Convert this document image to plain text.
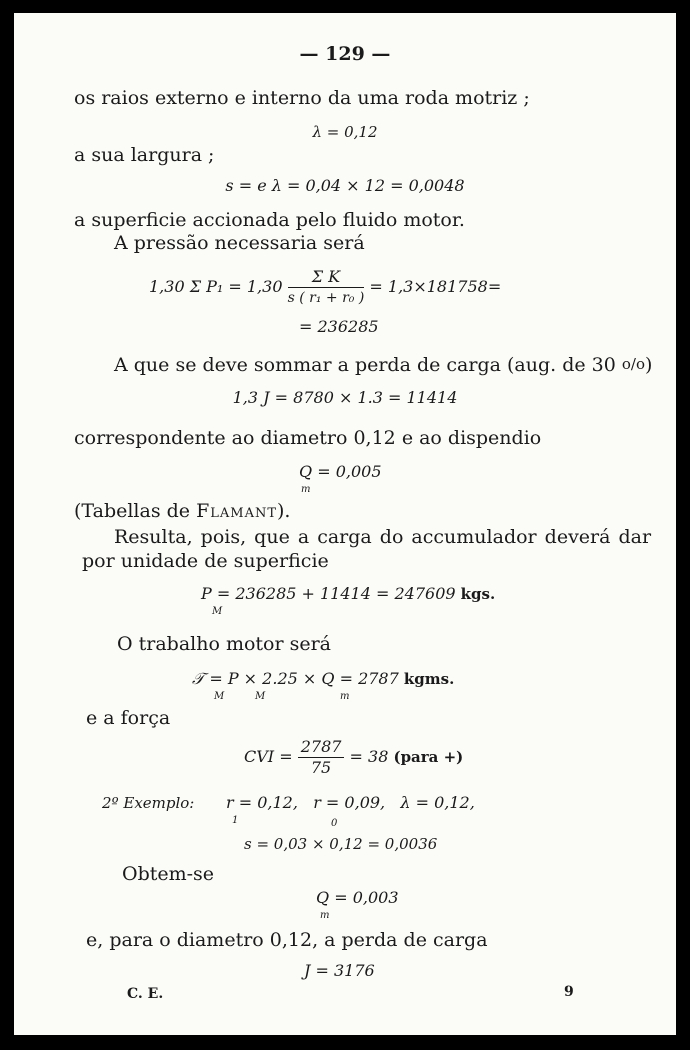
— 129 —
os raios externo e interno da uma roda motriz ;
λ = 0,12
a sua largura ;
s = e λ = 0,04 × 12 = 0,0048
a superficie accionada pelo fluido motor.
A pressão necessaria será
1,30 Σ $P_1 = 1,30 \frac{\text{Σ K}}{\text{s ( r₁ + r₀ )}} = 1,3\times 181758=$
= 236285
A que se deve sommar a perda de carga (aug. de 30 o/o)
1,3 J = 8780 × 1.3 = 11414
correspondente ao diametro 0,12 e ao dispendio
Q = 0,005
m
(Tabellas de Flamant).
Resulta, pois, que a carga do accumulador deverá dar
por unidade de superficie
P = 236285 + 11414 = 247609 kgs.
M
O trabalho motor será
𝒯 = P × 2.25 × Q = 2787 kgms.
M	M	m
e a força
CVI = $\frac{2787}{75} = 38$ (para +)
2º Exemplo: r = 0,12,   r = 0,09,   λ = 0,12,
1	0
s = 0,03 × 0,12 = 0,0036
Obtem-se
Q = 0,003
m
e, para o diametro 0,12, a perda de carga
J = 3176
C. E.	9
